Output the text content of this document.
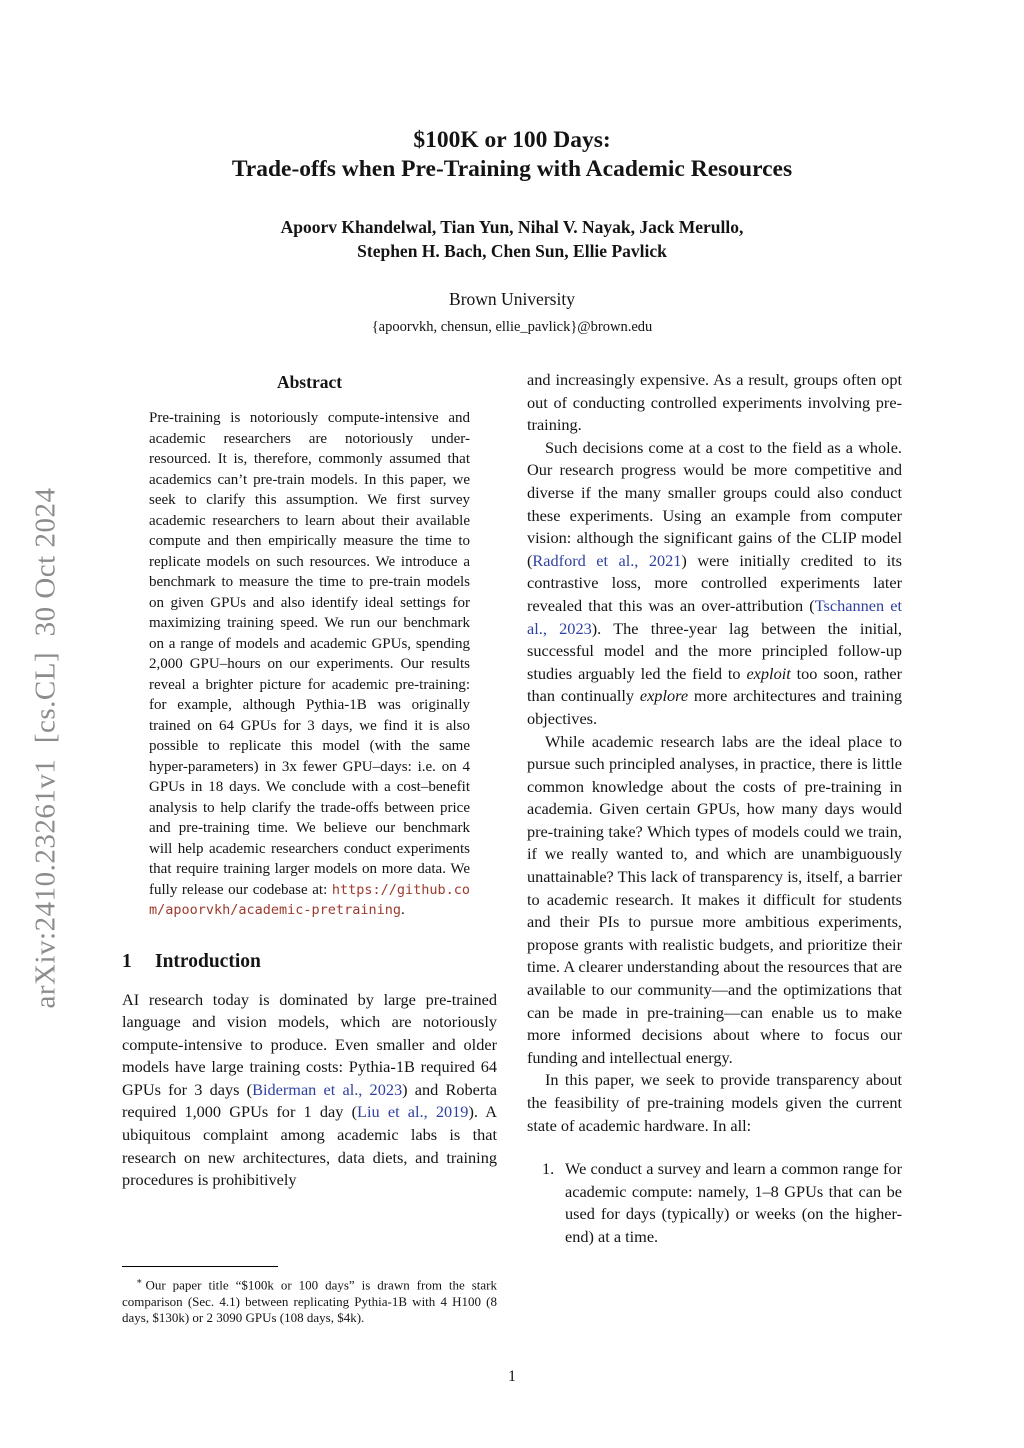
arXiv:2410.23261v1  [cs.CL]  30 Oct 2024
$100K or 100 Days:
Trade-offs when Pre-Training with Academic Resources
Apoorv Khandelwal, Tian Yun, Nihal V. Nayak, Jack Merullo,
Stephen H. Bach, Chen Sun, Ellie Pavlick
Brown University
{apoorvkh, chensun, ellie_pavlick}@brown.edu
Abstract

Pre-training is notoriously compute-intensive and academic researchers are notoriously under-resourced. It is, therefore, commonly assumed that academics can’t pre-train models. In this paper, we seek to clarify this assumption. We first survey academic researchers to learn about their available compute and then empirically measure the time to replicate models on such resources. We introduce a benchmark to measure the time to pre-train models on given GPUs and also identify ideal settings for maximizing training speed. We run our benchmark on a range of models and academic GPUs, spending 2,000 GPU–hours on our experiments. Our results reveal a brighter picture for academic pre-training: for example, although Pythia-1B was originally trained on 64 GPUs for 3 days, we find it is also possible to replicate this model (with the same hyper-parameters) in 3x fewer GPU–days: i.e. on 4 GPUs in 18 days. We conclude with a cost–benefit analysis to help clarify the trade-offs between price and pre-training time. We believe our benchmark will help academic researchers conduct experiments that require training larger models on more data. We fully release our codebase at: https://github.com/apoorvkh/academic-pretraining.

1 Introduction

AI research today is dominated by large pre-trained language and vision models, which are notoriously compute-intensive to produce. Even smaller and older models have large training costs: Pythia-1B required 64 GPUs for 3 days (Biderman et al., 2023) and Roberta required 1,000 GPUs for 1 day (Liu et al., 2019). A ubiquitous complaint among academic labs is that research on new architectures, data diets, and training procedures is prohibitively

∗ Our paper title “$100k or 100 days” is drawn from the stark comparison (Sec. 4.1) between replicating Pythia-1B with 4 H100 (8 days, $130k) or 2 3090 GPUs (108 days, $4k).

and increasingly expensive. As a result, groups often opt out of conducting controlled experiments involving pre-training.

Such decisions come at a cost to the field as a whole. Our research progress would be more competitive and diverse if the many smaller groups could also conduct these experiments. Using an example from computer vision: although the significant gains of the CLIP model (Radford et al., 2021) were initially credited to its contrastive loss, more controlled experiments later revealed that this was an over-attribution (Tschannen et al., 2023). The three-year lag between the initial, successful model and the more principled follow-up studies arguably led the field to exploit too soon, rather than continually explore more architectures and training objectives.

While academic research labs are the ideal place to pursue such principled analyses, in practice, there is little common knowledge about the costs of pre-training in academia. Given certain GPUs, how many days would pre-training take? Which types of models could we train, if we really wanted to, and which are unambiguously unattainable? This lack of transparency is, itself, a barrier to academic research. It makes it difficult for students and their PIs to pursue more ambitious experiments, propose grants with realistic budgets, and prioritize their time. A clearer understanding about the resources that are available to our community—and the optimizations that can be made in pre-training—can enable us to make more informed decisions about where to focus our funding and intellectual energy.

In this paper, we seek to provide transparency about the feasibility of pre-training models given the current state of academic hardware. In all:

1. We conduct a survey and learn a common range for academic compute: namely, 1–8 GPUs that can be used for days (typically) or weeks (on the higher-end) at a time.
1
